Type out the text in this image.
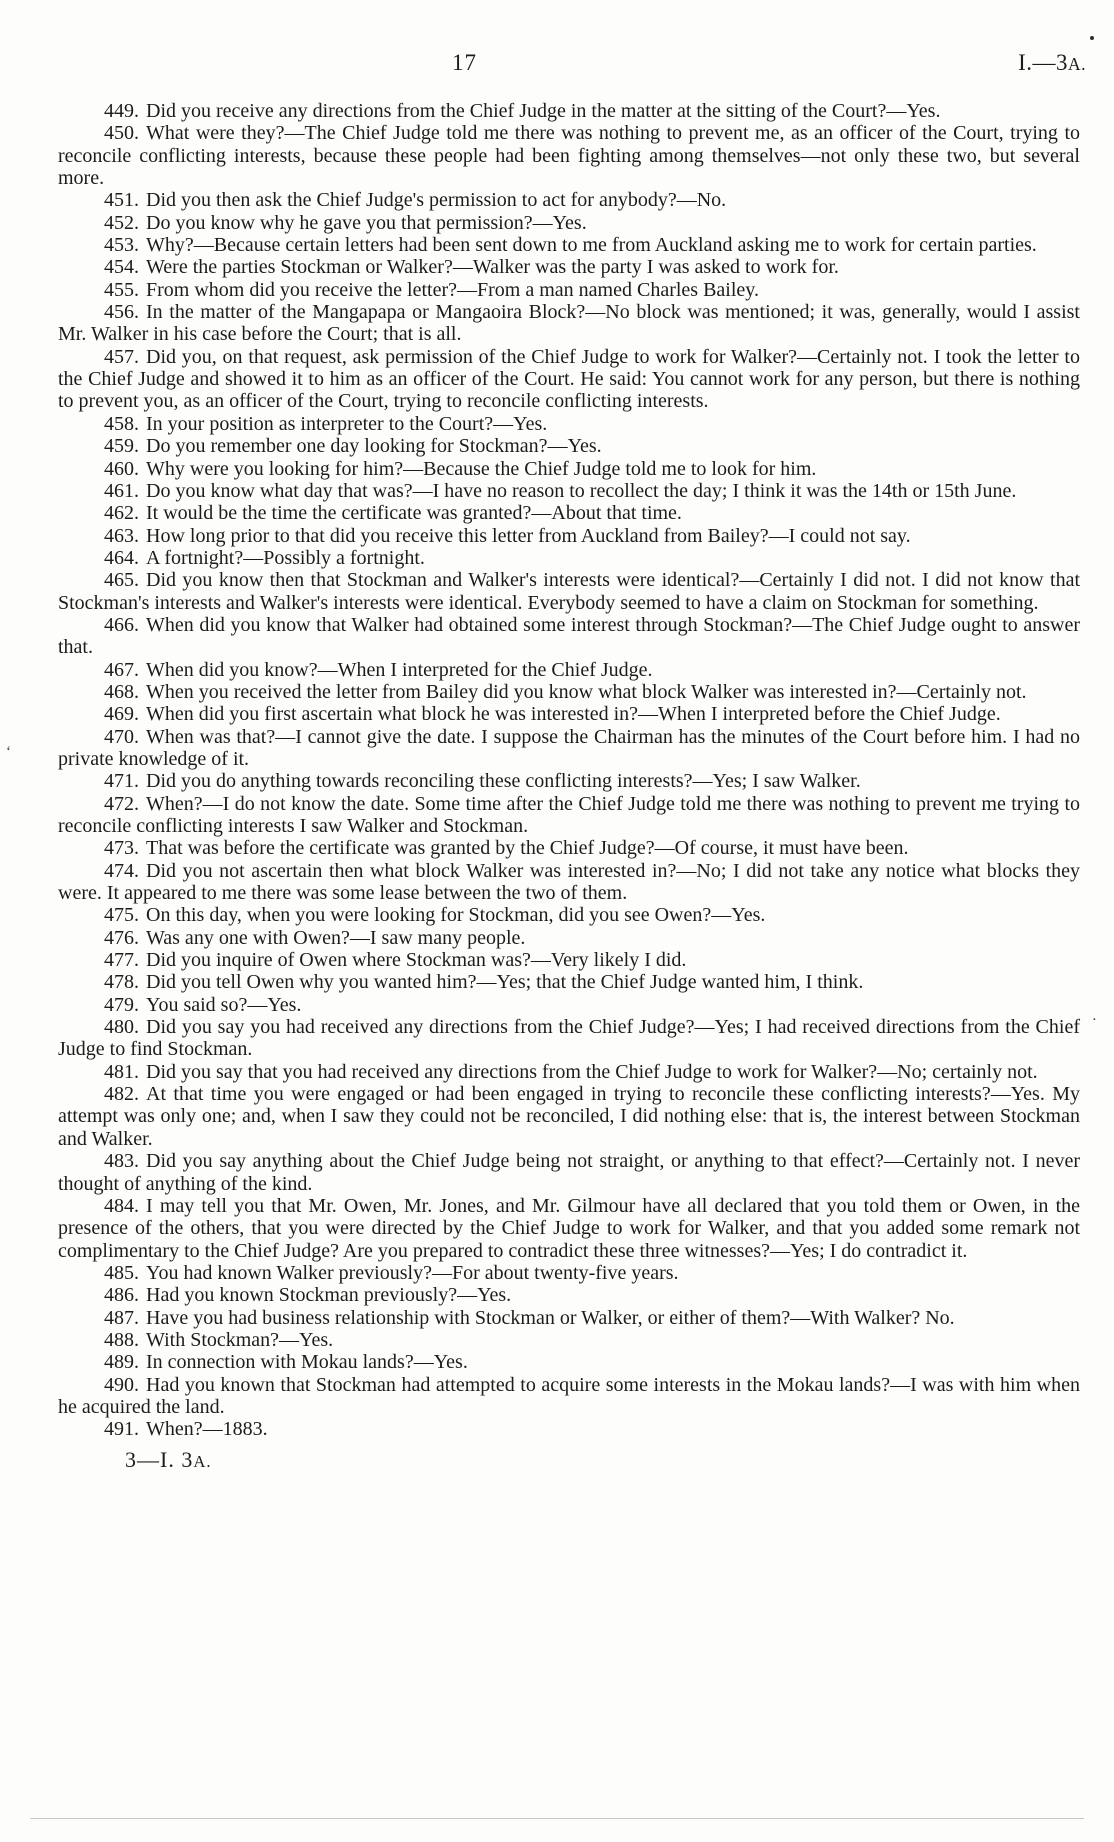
17	I.—3A.

449. Did you receive any directions from the Chief Judge in the matter at the sitting of the Court?—Yes.

450. What were they?—The Chief Judge told me there was nothing to prevent me, as an officer of the Court, trying to reconcile conflicting interests, because these people had been fighting among themselves—not only these two, but several more.

451. Did you then ask the Chief Judge's permission to act for anybody?—No.

452. Do you know why he gave you that permission?—Yes.

453. Why?—Because certain letters had been sent down to me from Auckland asking me to work for certain parties.

454. Were the parties Stockman or Walker?—Walker was the party I was asked to work for.

455. From whom did you receive the letter?—From a man named Charles Bailey.

456. In the matter of the Mangapapa or Mangaoira Block?—No block was mentioned; it was, generally, would I assist Mr. Walker in his case before the Court; that is all.

457. Did you, on that request, ask permission of the Chief Judge to work for Walker?—Certainly not. I took the letter to the Chief Judge and showed it to him as an officer of the Court. He said: You cannot work for any person, but there is nothing to prevent you, as an officer of the Court, trying to reconcile conflicting interests.

458. In your position as interpreter to the Court?—Yes.

459. Do you remember one day looking for Stockman?—Yes.

460. Why were you looking for him?—Because the Chief Judge told me to look for him.

461. Do you know what day that was?—I have no reason to recollect the day; I think it was the 14th or 15th June.

462. It would be the time the certificate was granted?—About that time.

463. How long prior to that did you receive this letter from Auckland from Bailey?—I could not say.

464. A fortnight?—Possibly a fortnight.

465. Did you know then that Stockman and Walker's interests were identical?—Certainly I did not. I did not know that Stockman's interests and Walker's interests were identical. Everybody seemed to have a claim on Stockman for something.

466. When did you know that Walker had obtained some interest through Stockman?—The Chief Judge ought to answer that.

467. When did you know?—When I interpreted for the Chief Judge.

468. When you received the letter from Bailey did you know what block Walker was interested in?—Certainly not.

469. When did you first ascertain what block he was interested in?—When I interpreted before the Chief Judge.

470. When was that?—I cannot give the date. I suppose the Chairman has the minutes of the Court before him. I had no private knowledge of it.

471. Did you do anything towards reconciling these conflicting interests?—Yes; I saw Walker.

472. When?—I do not know the date. Some time after the Chief Judge told me there was nothing to prevent me trying to reconcile conflicting interests I saw Walker and Stockman.

473. That was before the certificate was granted by the Chief Judge?—Of course, it must have been.

474. Did you not ascertain then what block Walker was interested in?—No; I did not take any notice what blocks they were. It appeared to me there was some lease between the two of them.

475. On this day, when you were looking for Stockman, did you see Owen?—Yes.

476. Was any one with Owen?—I saw many people.

477. Did you inquire of Owen where Stockman was?—Very likely I did.

478. Did you tell Owen why you wanted him?—Yes; that the Chief Judge wanted him, I think.

479. You said so?—Yes.

480. Did you say you had received any directions from the Chief Judge?—Yes; I had received directions from the Chief Judge to find Stockman.

481. Did you say that you had received any directions from the Chief Judge to work for Walker?—No; certainly not.

482. At that time you were engaged or had been engaged in trying to reconcile these conflicting interests?—Yes. My attempt was only one; and, when I saw they could not be reconciled, I did nothing else: that is, the interest between Stockman and Walker.

483. Did you say anything about the Chief Judge being not straight, or anything to that effect?—Certainly not. I never thought of anything of the kind.

484. I may tell you that Mr. Owen, Mr. Jones, and Mr. Gilmour have all declared that you told them or Owen, in the presence of the others, that you were directed by the Chief Judge to work for Walker, and that you added some remark not complimentary to the Chief Judge? Are you prepared to contradict these three witnesses?—Yes; I do contradict it.

485. You had known Walker previously?—For about twenty-five years.

486. Had you known Stockman previously?—Yes.

487. Have you had business relationship with Stockman or Walker, or either of them?—With Walker? No.

488. With Stockman?—Yes.

489. In connection with Mokau lands?—Yes.

490. Had you known that Stockman had attempted to acquire some interests in the Mokau lands?—I was with him when he acquired the land.

491. When?—1883.

3—I. 3A.
‘
⋅
